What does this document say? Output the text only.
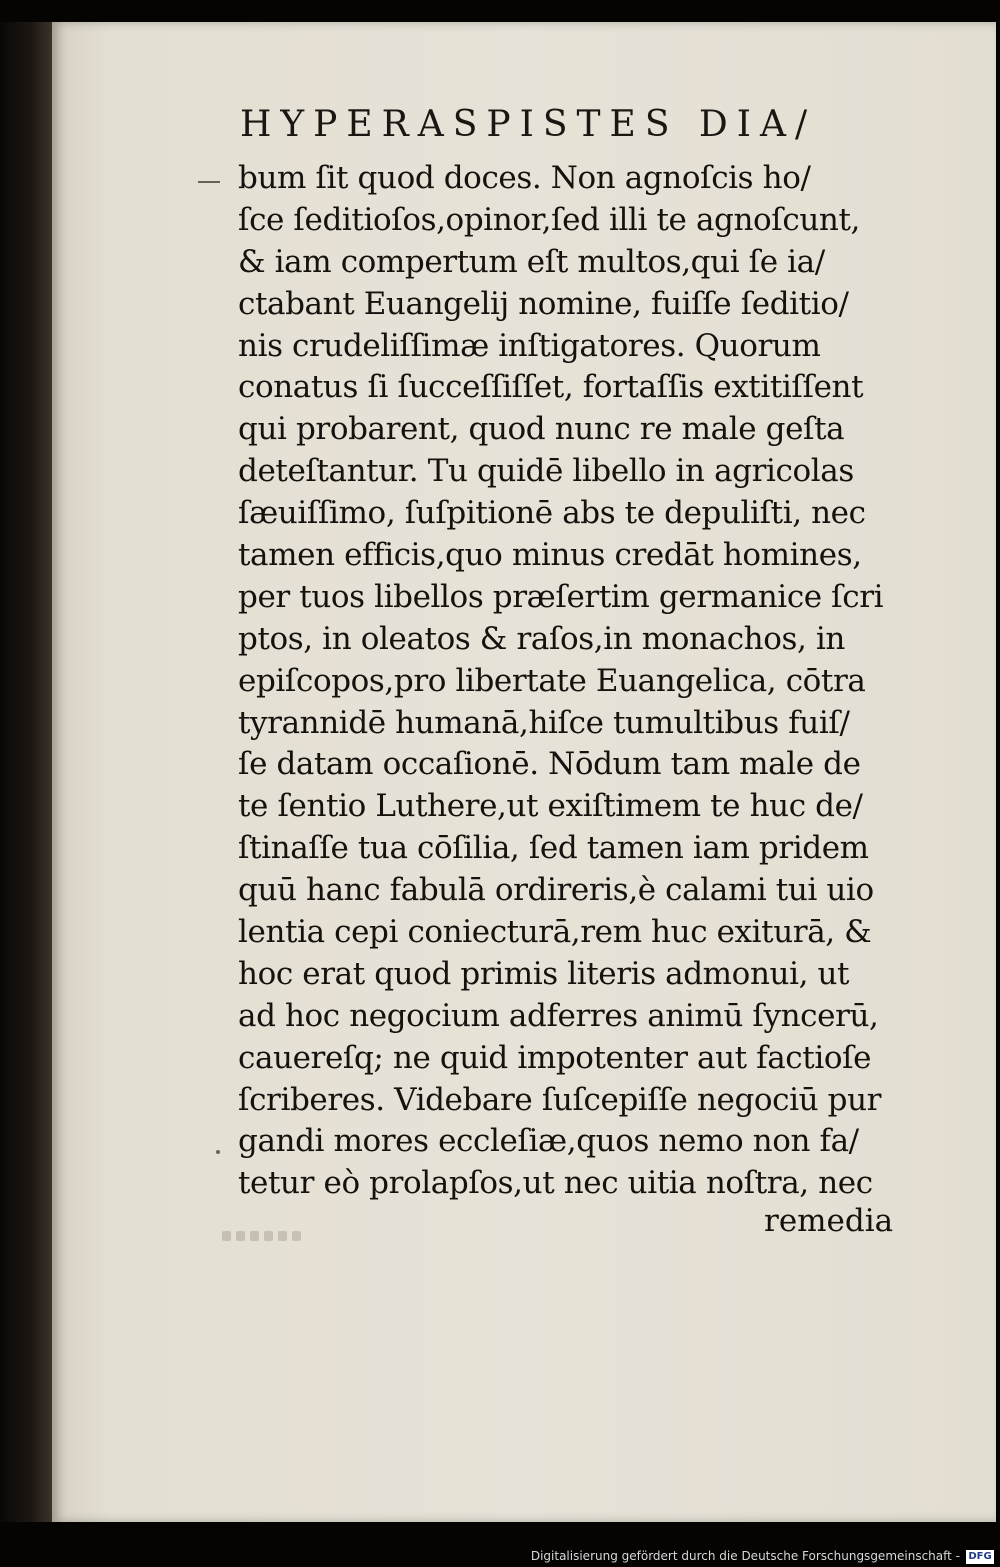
HYPERASPISTES DIA/
bum ſit quod doces. Non agnoſcis ho/
ſce ſeditioſos,opinor,ſed illi te agnoſcunt,
& iam compertum eſt multos,qui ſe ia/
ctabant Euangelij nomine, fuiſſe ſeditio/
nis crudeliſſimæ inſtigatores. Quorum
conatus ſi ſucceſſiſſet, fortaſſis extitiſſent
qui probarent, quod nunc re male geſta
deteſtantur. Tu quidē libello in agricolas
ſæuiſſimo, ſuſpitionē abs te depuliſti, nec
tamen efficis,quo minus credāt homines,
per tuos libellos præſertim germanice ſcri
ptos, in oleatos & raſos,in monachos, in
epiſcopos,pro libertate Euangelica, cōtra
tyrannidē humanā,hiſce tumultibus fuiſ/
ſe datam occaſionē. Nōdum tam male de
te ſentio Luthere,ut exiſtimem te huc de/
ſtinaſſe tua cōſilia, ſed tamen iam pridem
quū hanc fabulā ordireris,è calami tui uio
lentia cepi coniecturā,rem huc exiturā, &
hoc erat quod primis literis admonui, ut
ad hoc negocium adferres animū ſyncerū,
cauereſq; ne quid impotenter aut factioſe
ſcriberes. Videbare ſuſcepiſſe negociū pur
gandi mores eccleſiæ,quos nemo non fa/
tetur eò prolapſos,ut nec uitia noſtra, nec
remedia
Digitalisierung gefördert durch die Deutsche Forschungsgemeinschaft - DFG
